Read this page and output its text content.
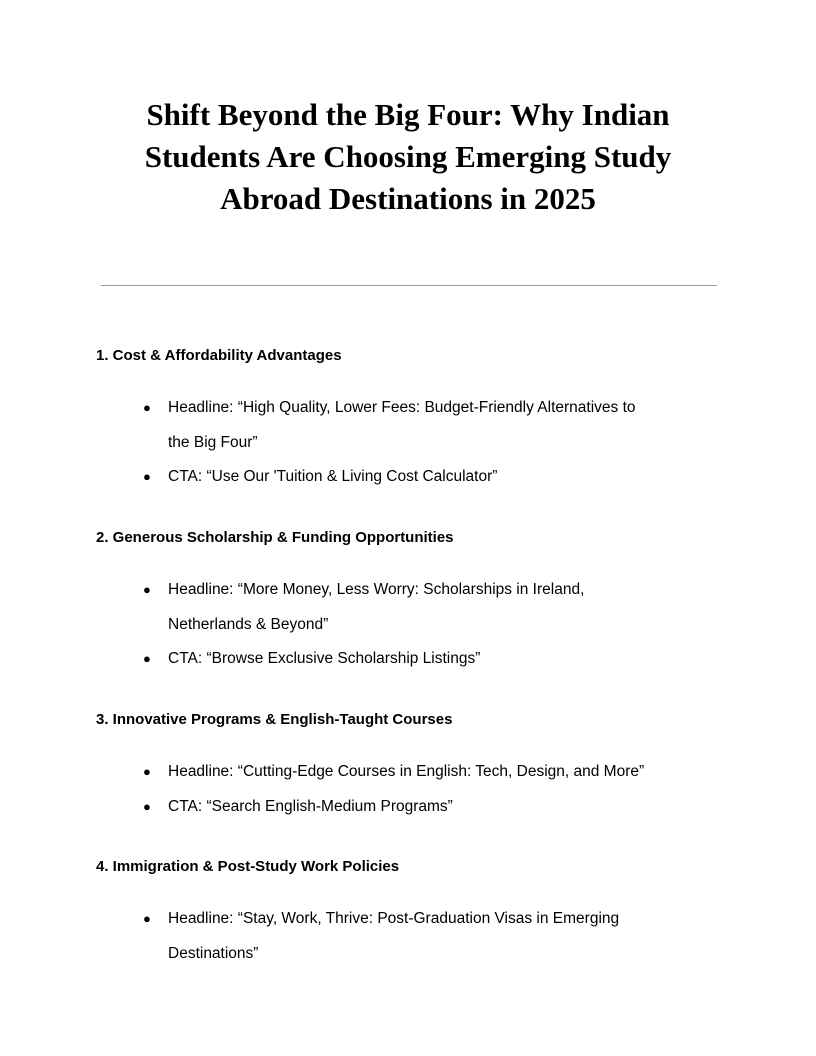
Shift Beyond the Big Four: Why Indian Students Are Choosing Emerging Study Abroad Destinations in 2025
1. Cost & Affordability Advantages
● Headline: “High Quality, Lower Fees: Budget-Friendly Alternatives to the Big Four”
● CTA: “Use Our 'Tuition & Living Cost Calculator”
2. Generous Scholarship & Funding Opportunities
● Headline: “More Money, Less Worry: Scholarships in Ireland, Netherlands & Beyond”
● CTA: “Browse Exclusive Scholarship Listings”
3. Innovative Programs & English-Taught Courses
● Headline: “Cutting-Edge Courses in English: Tech, Design, and More”
● CTA: “Search English-Medium Programs”
4. Immigration & Post-Study Work Policies
● Headline: “Stay, Work, Thrive: Post-Graduation Visas in Emerging Destinations”
